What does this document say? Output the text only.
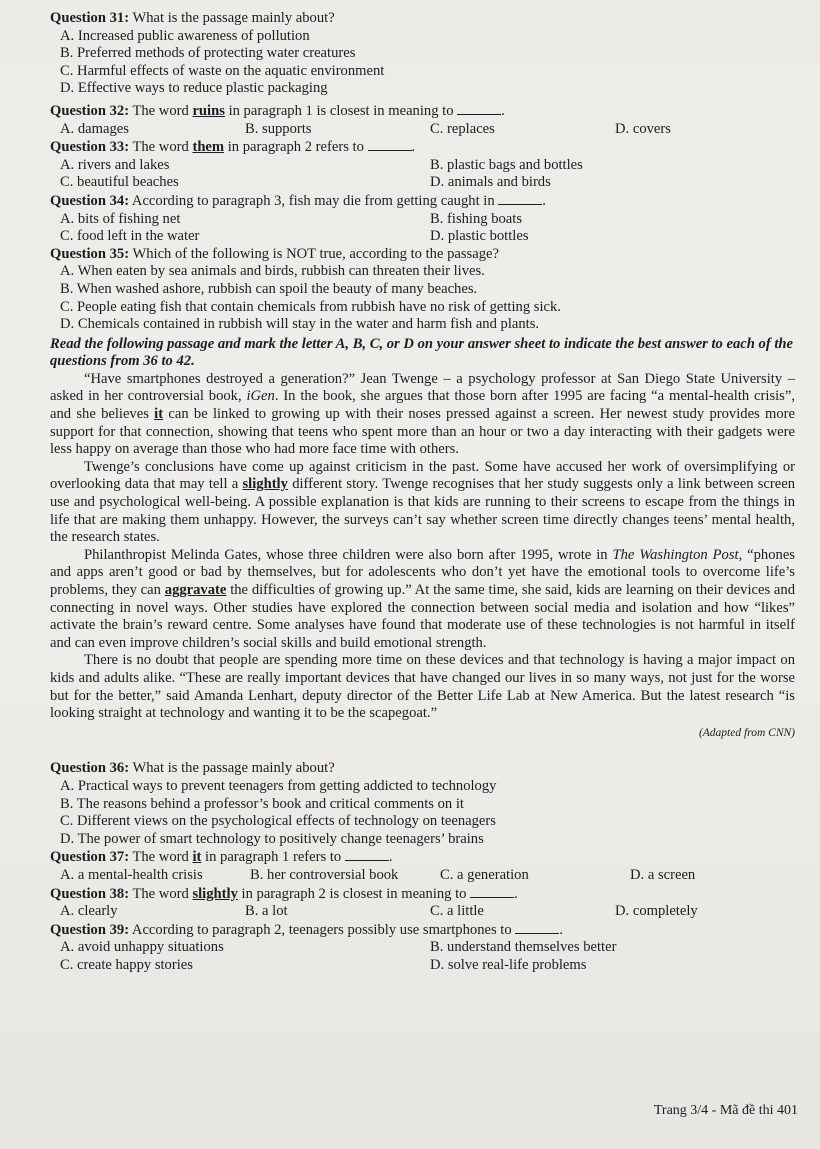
Question 31: What is the passage mainly about?
A. Increased public awareness of pollution
B. Preferred methods of protecting water creatures
C. Harmful effects of waste on the aquatic environment
D. Effective ways to reduce plastic packaging
Question 32: The word ruins in paragraph 1 is closest in meaning to	.
A. damages	B. supports	C. replaces	D. covers
Question 33: The word them in paragraph 2 refers to	.
A. rivers and lakes	B. plastic bags and bottles
C. beautiful beaches	D. animals and birds
Question 34: According to paragraph 3, fish may die from getting caught in	.
A. bits of fishing net	B. fishing boats
C. food left in the water	D. plastic bottles
Question 35: Which of the following is NOT true, according to the passage?
A. When eaten by sea animals and birds, rubbish can threaten their lives.
B. When washed ashore, rubbish can spoil the beauty of many beaches.
C. People eating fish that contain chemicals from rubbish have no risk of getting sick.
D. Chemicals contained in rubbish will stay in the water and harm fish and plants.
Read the following passage and mark the letter A, B, C, or D on your answer sheet to indicate the best answer to each of the questions from 36 to 42.

“Have smartphones destroyed a generation?” Jean Twenge – a psychology professor at San Diego State University – asked in her controversial book, iGen. In the book, she argues that those born after 1995 are facing “a mental-health crisis”, and she believes it can be linked to growing up with their noses pressed against a screen. Her newest study provides more support for that connection, showing that teens who spent more than an hour or two a day interacting with their gadgets were less happy on average than those who had more face time with others.

Twenge’s conclusions have come up against criticism in the past. Some have accused her work of oversimplifying or overlooking data that may tell a slightly different story. Twenge recognises that her study suggests only a link between screen use and psychological well-being. A possible explanation is that kids are running to their screens to escape from the things in life that are making them unhappy. However, the surveys can’t say whether screen time directly changes teens’ mental health, the research states.

Philanthropist Melinda Gates, whose three children were also born after 1995, wrote in The Washington Post, “phones and apps aren’t good or bad by themselves, but for adolescents who don’t yet have the emotional tools to overcome life’s problems, they can aggravate the difficulties of growing up.” At the same time, she said, kids are learning on their devices and connecting in novel ways. Other studies have explored the connection between social media and isolation and how “likes” activate the brain’s reward centre. Some analyses have found that moderate use of these technologies is not harmful in itself and can even improve children’s social skills and build emotional strength.

There is no doubt that people are spending more time on these devices and that technology is having a major impact on kids and adults alike. “These are really important devices that have changed our lives in so many ways, not just for the worse but for the better,” said Amanda Lenhart, deputy director of the Better Life Lab at New America. But the latest research “is looking straight at technology and wanting it to be the scapegoat.”

(Adapted from CNN)
Question 36: What is the passage mainly about?
A. Practical ways to prevent teenagers from getting addicted to technology
B. The reasons behind a professor’s book and critical comments on it
C. Different views on the psychological effects of technology on teenagers
D. The power of smart technology to positively change teenagers’ brains
Question 37: The word it in paragraph 1 refers to	.
A. a mental-health crisis	B. her controversial book	C. a generation	D. a screen
Question 38: The word slightly in paragraph 2 is closest in meaning to	.
A. clearly	B. a lot	C. a little	D. completely
Question 39: According to paragraph 2, teenagers possibly use smartphones to	.
A. avoid unhappy situations	B. understand themselves better
C. create happy stories	D. solve real-life problems
Trang 3/4 - Mã đề thi 401
